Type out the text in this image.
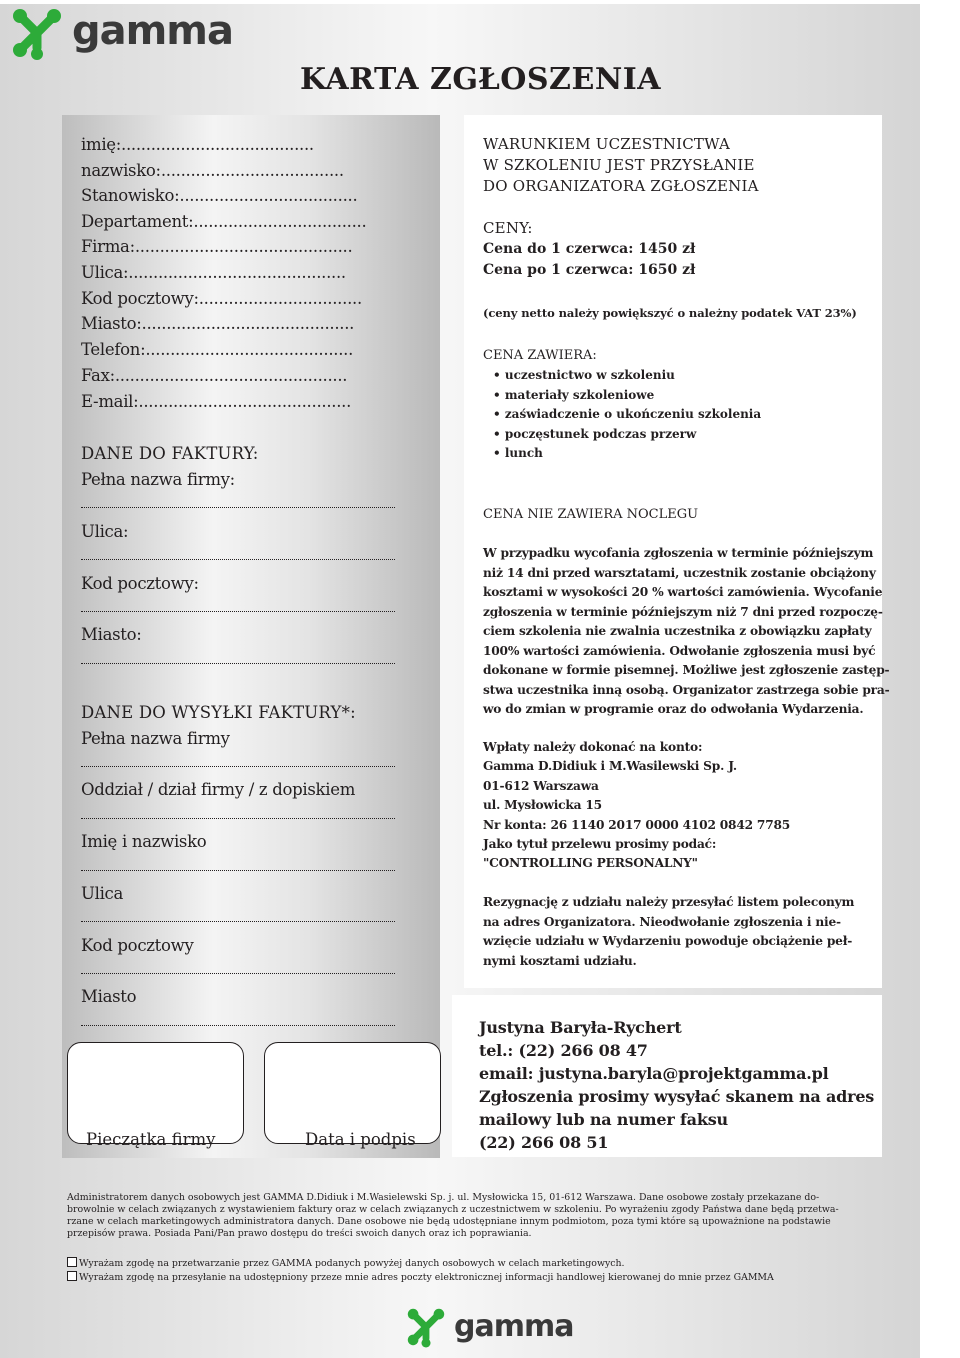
gamma
KARTA ZGŁOSZENIA
imię:.......................................
nazwisko:.....................................
Stanowisko:....................................
Departament:...................................
Firma:............................................
Ulica:............................................
Kod pocztowy:.................................
Miasto:...........................................
Telefon:..........................................
Fax:...............................................
E-mail:...........................................
DANE DO FAKTURY:
Pełna nazwa firmy:
Ulica:
Kod pocztowy:
Miasto:
DANE DO WYSYŁKI FAKTURY*:
Pełna nazwa firmy
Oddział / dział firmy / z dopiskiem
Imię i nazwisko
Ulica
Kod pocztowy
Miasto
Pieczątka firmy	Data i podpis
WARUNKIEM UCZESTNICTWA
W SZKOLENIU JEST PRZYSŁANIE
DO ORGANIZATORA ZGŁOSZENIA
CENY:
Cena do 1 czerwca: 1450 zł
Cena po 1 czerwca: 1650 zł
(ceny netto należy powiększyć o należny podatek VAT 23%)
CENA ZAWIERA:
• uczestnictwo w szkoleniu
• materiały szkoleniowe
• zaświadczenie o ukończeniu szkolenia
• poczęstunek podczas przerw
• lunch
CENA NIE ZAWIERA NOCLEGU
W przypadku wycofania zgłoszenia w terminie późniejszym
niż 14 dni przed warsztatami, uczestnik zostanie obciążony
kosztami w wysokości 20 % wartości zamówienia. Wycofanie
zgłoszenia w terminie późniejszym niż 7 dni przed rozpoczę-
ciem szkolenia nie zwalnia uczestnika z obowiązku zapłaty
100% wartości zamówienia. Odwołanie zgłoszenia musi być
dokonane w formie pisemnej. Możliwe jest zgłoszenie zastęp-
stwa uczestnika inną osobą. Organizator zastrzega sobie pra-
wo do zmian w programie oraz do odwołania Wydarzenia.
Wpłaty należy dokonać na konto:
Gamma D.Didiuk i M.Wasilewski Sp. J.
01-612 Warszawa
ul. Mysłowicka 15
Nr konta: 26 1140 2017 0000 4102 0842 7785
Jako tytuł przelewu prosimy podać:
"CONTROLLING PERSONALNY"
Rezygnację z udziału należy przesyłać listem poleconym
na adres Organizatora. Nieodwołanie zgłoszenia i nie-
wzięcie udziału w Wydarzeniu powoduje obciążenie peł-
nymi kosztami udziału.
Justyna Baryła-Rychert
tel.: (22) 266 08 47
email: justyna.baryla@projektgamma.pl
Zgłoszenia prosimy wysyłać skanem na adres
mailowy lub na numer faksu
(22) 266 08 51
Administratorem danych osobowych jest GAMMA D.Didiuk i M.Wasielewski Sp. j. ul. Mysłowicka 15, 01-612 Warszawa. Dane osobowe zostały przekazane do-
browolnie w celach związanych z wystawieniem faktury oraz w celach związanych z uczestnictwem w szkoleniu. Po wyrażeniu zgody Państwa dane będą przetwa-
rzane w celach marketingowych administratora danych. Dane osobowe nie będą udostępniane innym podmiotom, poza tymi które są upoważnione na podstawie
przepisów prawa. Posiada Pani/Pan prawo dostępu do treści swoich danych oraz ich poprawiania.
Wyrażam zgodę na przetwarzanie przez GAMMA podanych powyżej danych osobowych w celach marketingowych.
Wyrażam zgodę na przesyłanie na udostępniony przeze mnie adres poczty elektronicznej informacji handlowej kierowanej do mnie przez GAMMA
gamma
